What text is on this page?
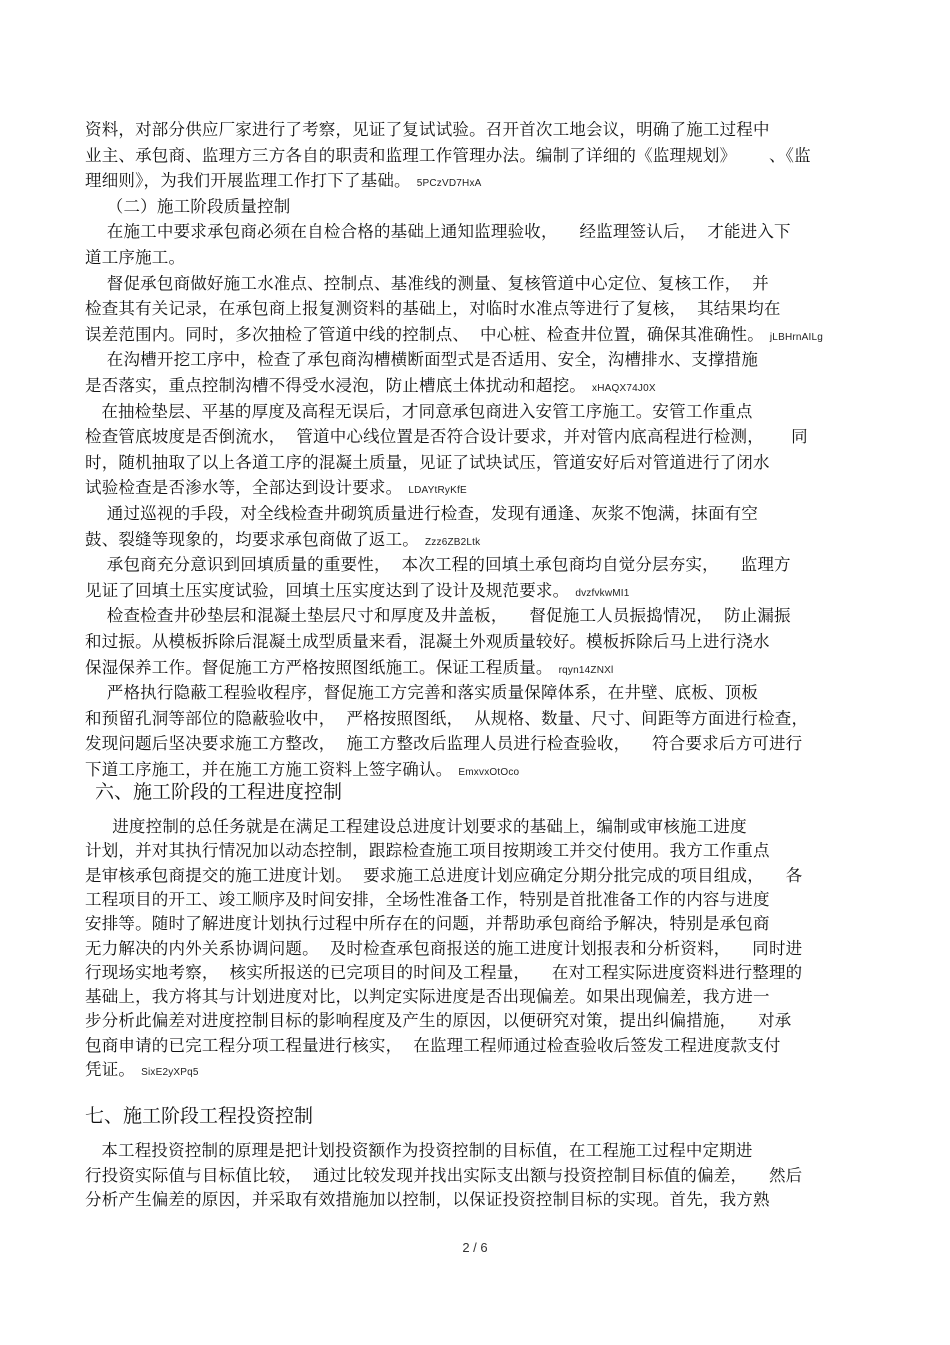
资料，对部分供应厂家进行了考察，见证了复试试验。召开首次工地会议，明确了施工过程中
业主、承包商、监理方三方各自的职责和监理工作管理办法。编制了详细的《监理规划》      、《监
理细则》，为我们开展监理工作打下了基础。 5PCzVD7HxA
（二）施工阶段质量控制
在施工中要求承包商必须在自检合格的基础上通知监理验收，    经监理签认后，  才能进入下
道工序施工。
督促承包商做好施工水准点、控制点、基准线的测量、复核管道中心定位、复核工作，  并
检查其有关记录，在承包商上报复测资料的基础上，对临时水准点等进行了复核，  其结果均在
误差范围内。同时，多次抽检了管道中线的控制点、  中心桩、检查井位置，确保其准确性。 jLBHrnAILg
在沟槽开挖工序中，检查了承包商沟槽横断面型式是否适用、安全，沟槽排水、支撑措施
是否落实，重点控制沟槽不得受水浸泡，防止槽底土体扰动和超挖。 xHAQX74J0X
在抽检垫层、平基的厚度及高程无误后，才同意承包商进入安管工序施工。安管工作重点
检查管底坡度是否倒流水，  管道中心线位置是否符合设计要求，并对管内底高程进行检测，     同
时，随机抽取了以上各道工序的混凝土质量，见证了试块试压，管道安好后对管道进行了闭水
试验检查是否渗水等，全部达到设计要求。 LDAYtRyKfE
通过巡视的手段，对全线检查井砌筑质量进行检查，发现有通逢、灰浆不饱满，抹面有空
鼓、裂缝等现象的，均要求承包商做了返工。 Zzz6ZB2Ltk
承包商充分意识到回填质量的重要性，  本次工程的回填土承包商均自觉分层夯实，    监理方
见证了回填土压实度试验，回填土压实度达到了设计及规范要求。 dvzfvkwMI1
检查检查井砂垫层和混凝土垫层尺寸和厚度及井盖板，    督促施工人员振捣情况，  防止漏振
和过振。从模板拆除后混凝土成型质量来看，混凝土外观质量较好。模板拆除后马上进行浇水
保湿保养工作。督促施工方严格按照图纸施工。保证工程质量。 rqyn14ZNXl
严格执行隐蔽工程验收程序，督促施工方完善和落实质量保障体系，在井壁、底板、顶板
和预留孔洞等部位的隐蔽验收中，  严格按照图纸，  从规格、数量、尺寸、间距等方面进行检查，
发现问题后坚决要求施工方整改，  施工方整改后监理人员进行检查验收，    符合要求后方可进行
下道工序施工，并在施工方施工资料上签字确认。 EmxvxOtOco
六、施工阶段的工程进度控制
进度控制的总任务就是在满足工程建设总进度计划要求的基础上，编制或审核施工进度
计划，并对其执行情况加以动态控制，跟踪检查施工项目按期竣工并交付使用。我方工作重点
是审核承包商提交的施工进度计划。  要求施工总进度计划应确定分期分批完成的项目组成，    各
工程项目的开工、竣工顺序及时间安排，全场性准备工作，特别是首批准备工作的内容与进度
安排等。随时了解进度计划执行过程中所存在的问题，并帮助承包商给予解决，特别是承包商
无力解决的内外关系协调问题。  及时检查承包商报送的施工进度计划报表和分析资料，    同时进
行现场实地考察，  核实所报送的已完项目的时间及工程量，    在对工程实际进度资料进行整理的
基础上，我方将其与计划进度对比，以判定实际进度是否出现偏差。如果出现偏差，我方进一
步分析此偏差对进度控制目标的影响程度及产生的原因，以便研究对策，提出纠偏措施，    对承
包商申请的已完工程分项工程量进行核实，  在监理工程师通过检查验收后签发工程进度款支付
凭证。 SixE2yXPq5
七、施工阶段工程投资控制
本工程投资控制的原理是把计划投资额作为投资控制的目标值，在工程施工过程中定期进
行投资实际值与目标值比较，  通过比较发现并找出实际支出额与投资控制目标值的偏差，    然后
分析产生偏差的原因，并采取有效措施加以控制，以保证投资控制目标的实现。首先，我方熟
2 / 6
